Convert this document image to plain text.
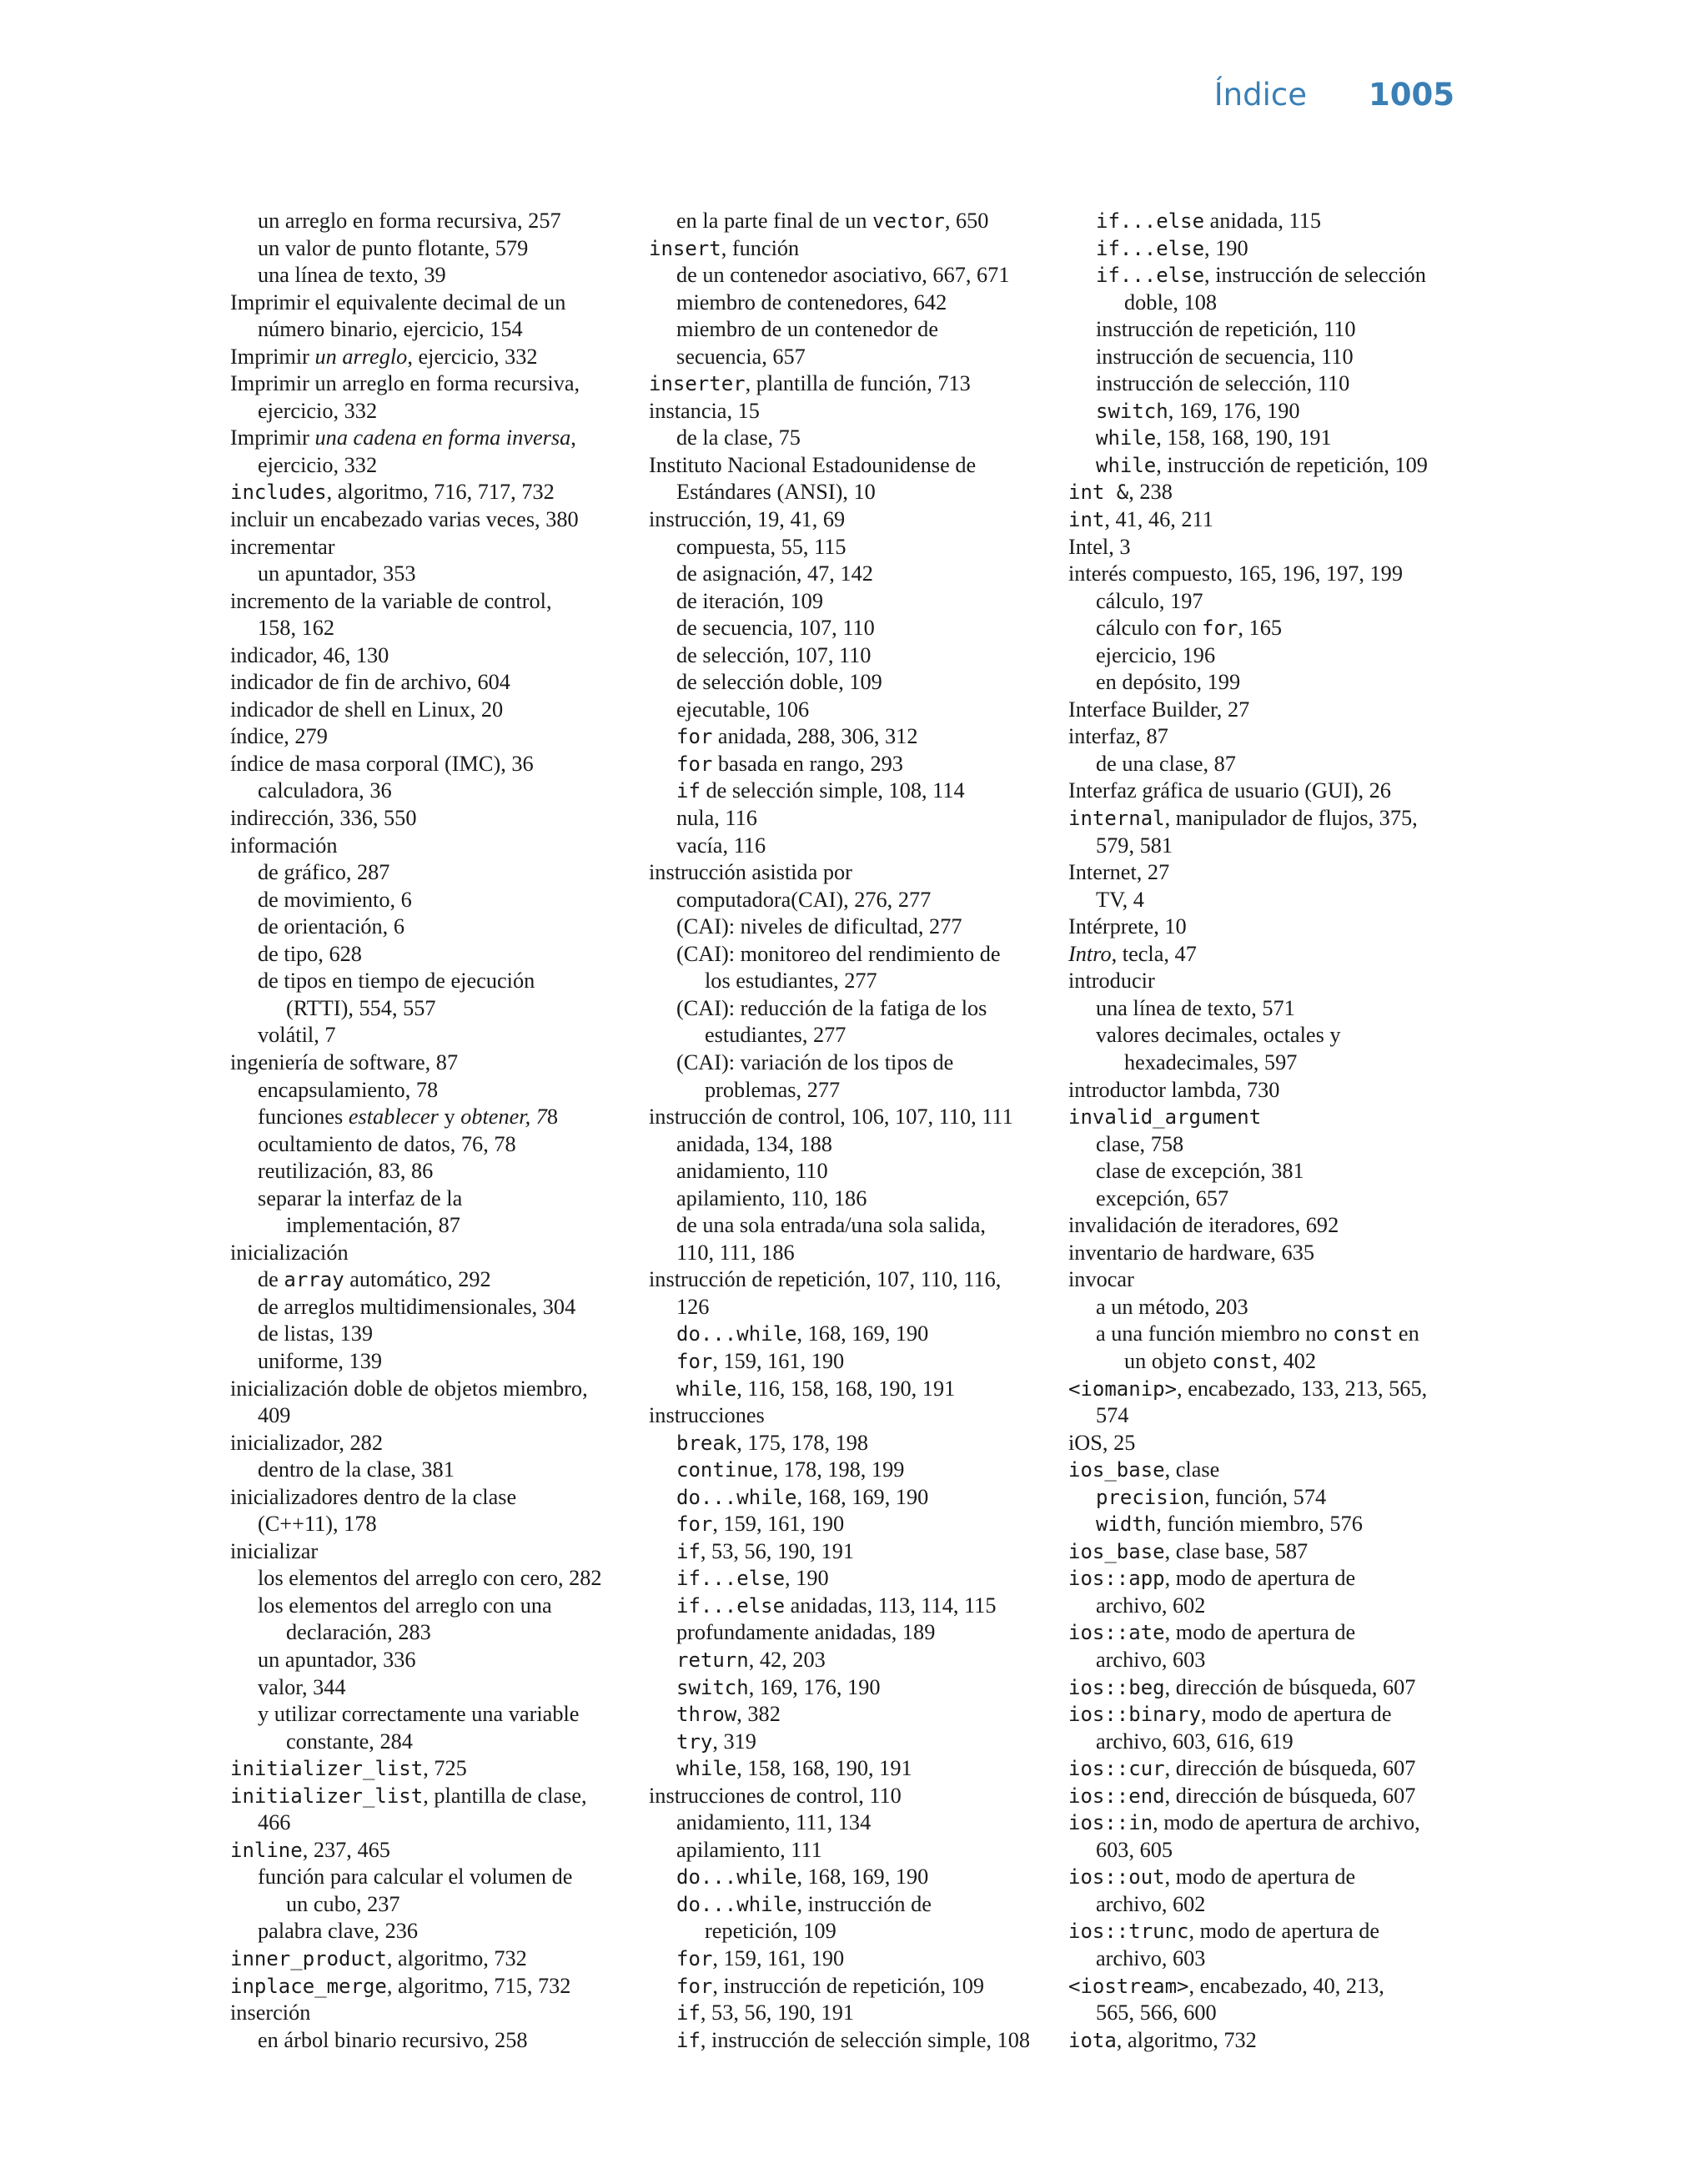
Índice 1005
un arreglo en forma recursiva, 257
un valor de punto flotante, 579
una línea de texto, 39
Imprimir el equivalente decimal de un
número binario, ejercicio, 154
Imprimir un arreglo, ejercicio, 332
Imprimir un arreglo en forma recursiva,
ejercicio, 332
Imprimir una cadena en forma inversa,
ejercicio, 332
includes, algoritmo, 716, 717, 732
incluir un encabezado varias veces, 380
incrementar
un apuntador, 353
incremento de la variable de control,
158, 162
indicador, 46, 130
indicador de fin de archivo, 604
indicador de shell en Linux, 20
índice, 279
índice de masa corporal (IMC), 36
calculadora, 36
indirección, 336, 550
información
de gráfico, 287
de movimiento, 6
de orientación, 6
de tipo, 628
de tipos en tiempo de ejecución
(RTTI), 554, 557
volátil, 7
ingeniería de software, 87
encapsulamiento, 78
funciones establecer y obtener, 78
ocultamiento de datos, 76, 78
reutilización, 83, 86
separar la interfaz de la
implementación, 87
inicialización
de array automático, 292
de arreglos multidimensionales, 304
de listas, 139
uniforme, 139
inicialización doble de objetos miembro,
409
inicializador, 282
dentro de la clase, 381
inicializadores dentro de la clase
(C++11), 178
inicializar
los elementos del arreglo con cero, 282
los elementos del arreglo con una
declaración, 283
un apuntador, 336
valor, 344
y utilizar correctamente una variable
constante, 284
initializer_list, 725
initializer_list, plantilla de clase,
466
inline, 237, 465
función para calcular el volumen de
un cubo, 237
palabra clave, 236
inner_product, algoritmo, 732
inplace_merge, algoritmo, 715, 732
inserción
en árbol binario recursivo, 258
en la parte final de un vector, 650
insert, función
de un contenedor asociativo, 667, 671
miembro de contenedores, 642
miembro de un contenedor de
secuencia, 657
inserter, plantilla de función, 713
instancia, 15
de la clase, 75
Instituto Nacional Estadounidense de
Estándares (ANSI), 10
instrucción, 19, 41, 69
compuesta, 55, 115
de asignación, 47, 142
de iteración, 109
de secuencia, 107, 110
de selección, 107, 110
de selección doble, 109
ejecutable, 106
for anidada, 288, 306, 312
for basada en rango, 293
if de selección simple, 108, 114
nula, 116
vacía, 116
instrucción asistida por
computadora(CAI), 276, 277
(CAI): niveles de dificultad, 277
(CAI): monitoreo del rendimiento de
los estudiantes, 277
(CAI): reducción de la fatiga de los
estudiantes, 277
(CAI): variación de los tipos de
problemas, 277
instrucción de control, 106, 107, 110, 111
anidada, 134, 188
anidamiento, 110
apilamiento, 110, 186
de una sola entrada/una sola salida,
110, 111, 186
instrucción de repetición, 107, 110, 116,
126
do...while, 168, 169, 190
for, 159, 161, 190
while, 116, 158, 168, 190, 191
instrucciones
break, 175, 178, 198
continue, 178, 198, 199
do...while, 168, 169, 190
for, 159, 161, 190
if, 53, 56, 190, 191
if...else, 190
if...else anidadas, 113, 114, 115
profundamente anidadas, 189
return, 42, 203
switch, 169, 176, 190
throw, 382
try, 319
while, 158, 168, 190, 191
instrucciones de control, 110
anidamiento, 111, 134
apilamiento, 111
do...while, 168, 169, 190
do...while, instrucción de
repetición, 109
for, 159, 161, 190
for, instrucción de repetición, 109
if, 53, 56, 190, 191
if, instrucción de selección simple, 108
if...else anidada, 115
if...else, 190
if...else, instrucción de selección
doble, 108
instrucción de repetición, 110
instrucción de secuencia, 110
instrucción de selección, 110
switch, 169, 176, 190
while, 158, 168, 190, 191
while, instrucción de repetición, 109
int &, 238
int, 41, 46, 211
Intel, 3
interés compuesto, 165, 196, 197, 199
cálculo, 197
cálculo con for, 165
ejercicio, 196
en depósito, 199
Interface Builder, 27
interfaz, 87
de una clase, 87
Interfaz gráfica de usuario (GUI), 26
internal, manipulador de flujos, 375,
579, 581
Internet, 27
TV, 4
Intérprete, 10
Intro, tecla, 47
introducir
una línea de texto, 571
valores decimales, octales y
hexadecimales, 597
introductor lambda, 730
invalid_argument
clase, 758
clase de excepción, 381
excepción, 657
invalidación de iteradores, 692
inventario de hardware, 635
invocar
a un método, 203
a una función miembro no const en
un objeto const, 402
<iomanip>, encabezado, 133, 213, 565,
574
iOS, 25
ios_base, clase
precision, función, 574
width, función miembro, 576
ios_base, clase base, 587
ios::app, modo de apertura de
archivo, 602
ios::ate, modo de apertura de
archivo, 603
ios::beg, dirección de búsqueda, 607
ios::binary, modo de apertura de
archivo, 603, 616, 619
ios::cur, dirección de búsqueda, 607
ios::end, dirección de búsqueda, 607
ios::in, modo de apertura de archivo,
603, 605
ios::out, modo de apertura de
archivo, 602
ios::trunc, modo de apertura de
archivo, 603
<iostream>, encabezado, 40, 213,
565, 566, 600
iota, algoritmo, 732
